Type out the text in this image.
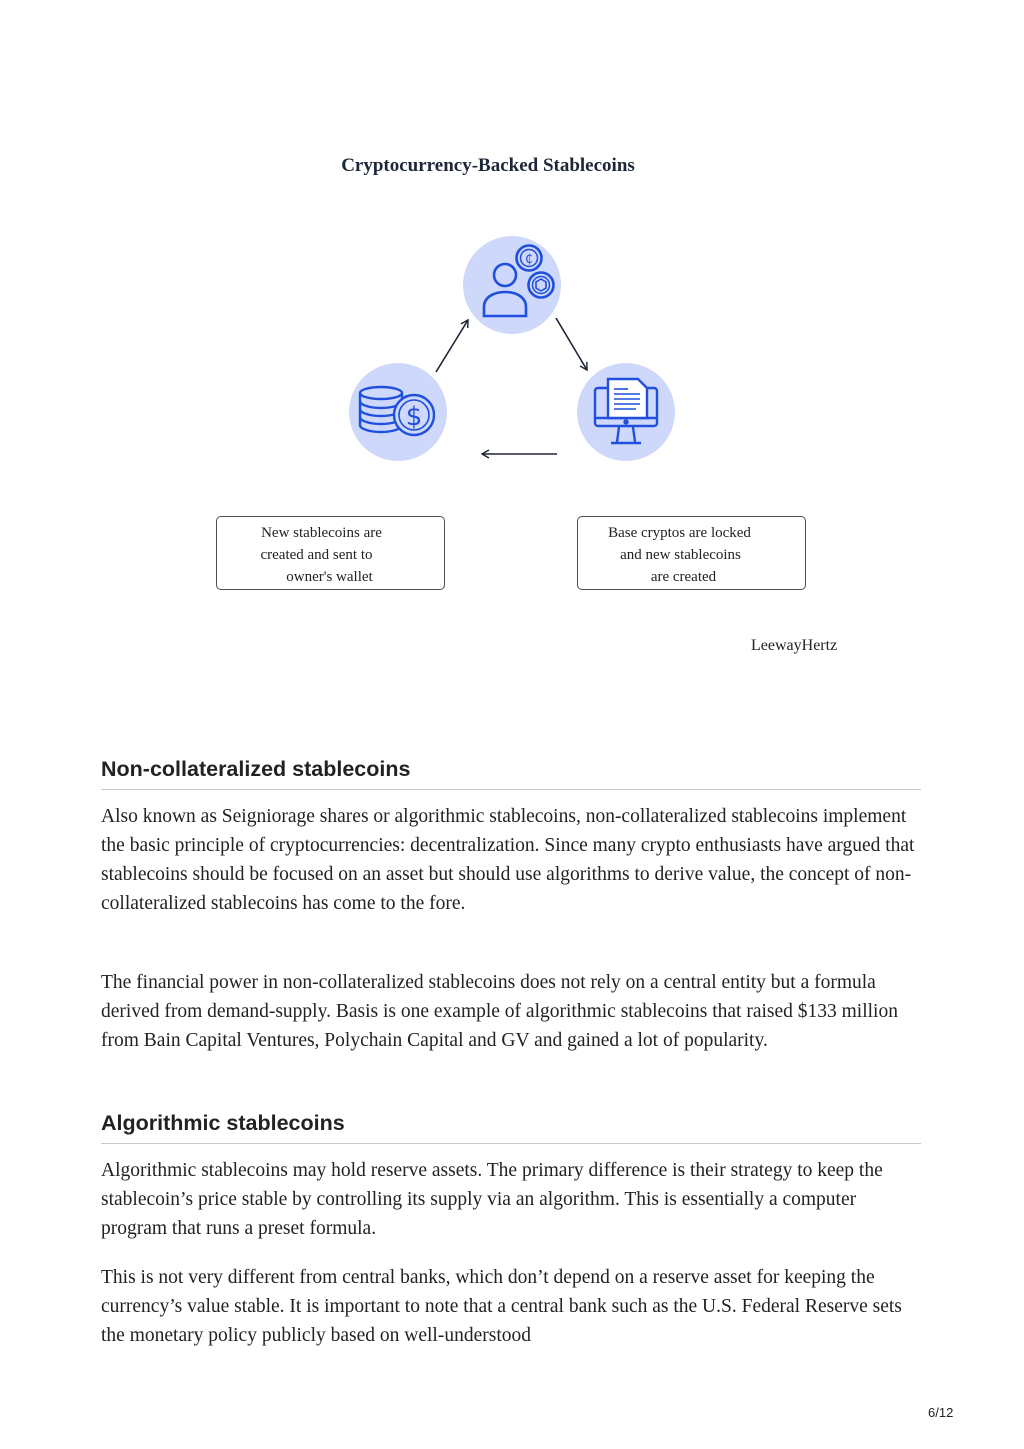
Cryptocurrency-Backed Stablecoins
₵
$
New stablecoins are
created and sent to
owner's wallet
Base cryptos are locked
and new stablecoins
are created
LeewayHertz
Non-collateralized stablecoins

Also known as Seigniorage shares or algorithmic stablecoins, non-collateralized stablecoins implement the basic principle of cryptocurrencies: decentralization. Since many crypto enthusiasts have argued that stablecoins should be focused on an asset but should use algorithms to derive value, the concept of non-collateralized stablecoins has come to the fore.

The financial power in non-collateralized stablecoins does not rely on a central entity but a formula derived from demand-supply. Basis is one example of algorithmic stablecoins that raised $133 million from Bain Capital Ventures, Polychain Capital and GV and gained a lot of popularity.

Algorithmic stablecoins

Algorithmic stablecoins may hold reserve assets. The primary difference is their strategy to keep the stablecoin’s price stable by controlling its supply via an algorithm. This is essentially a computer program that runs a preset formula.

This is not very different from central banks, which don’t depend on a reserve asset for keeping the currency’s value stable. It is important to note that a central bank such as the U.S. Federal Reserve sets the monetary policy publicly based on well-understood

6/12
